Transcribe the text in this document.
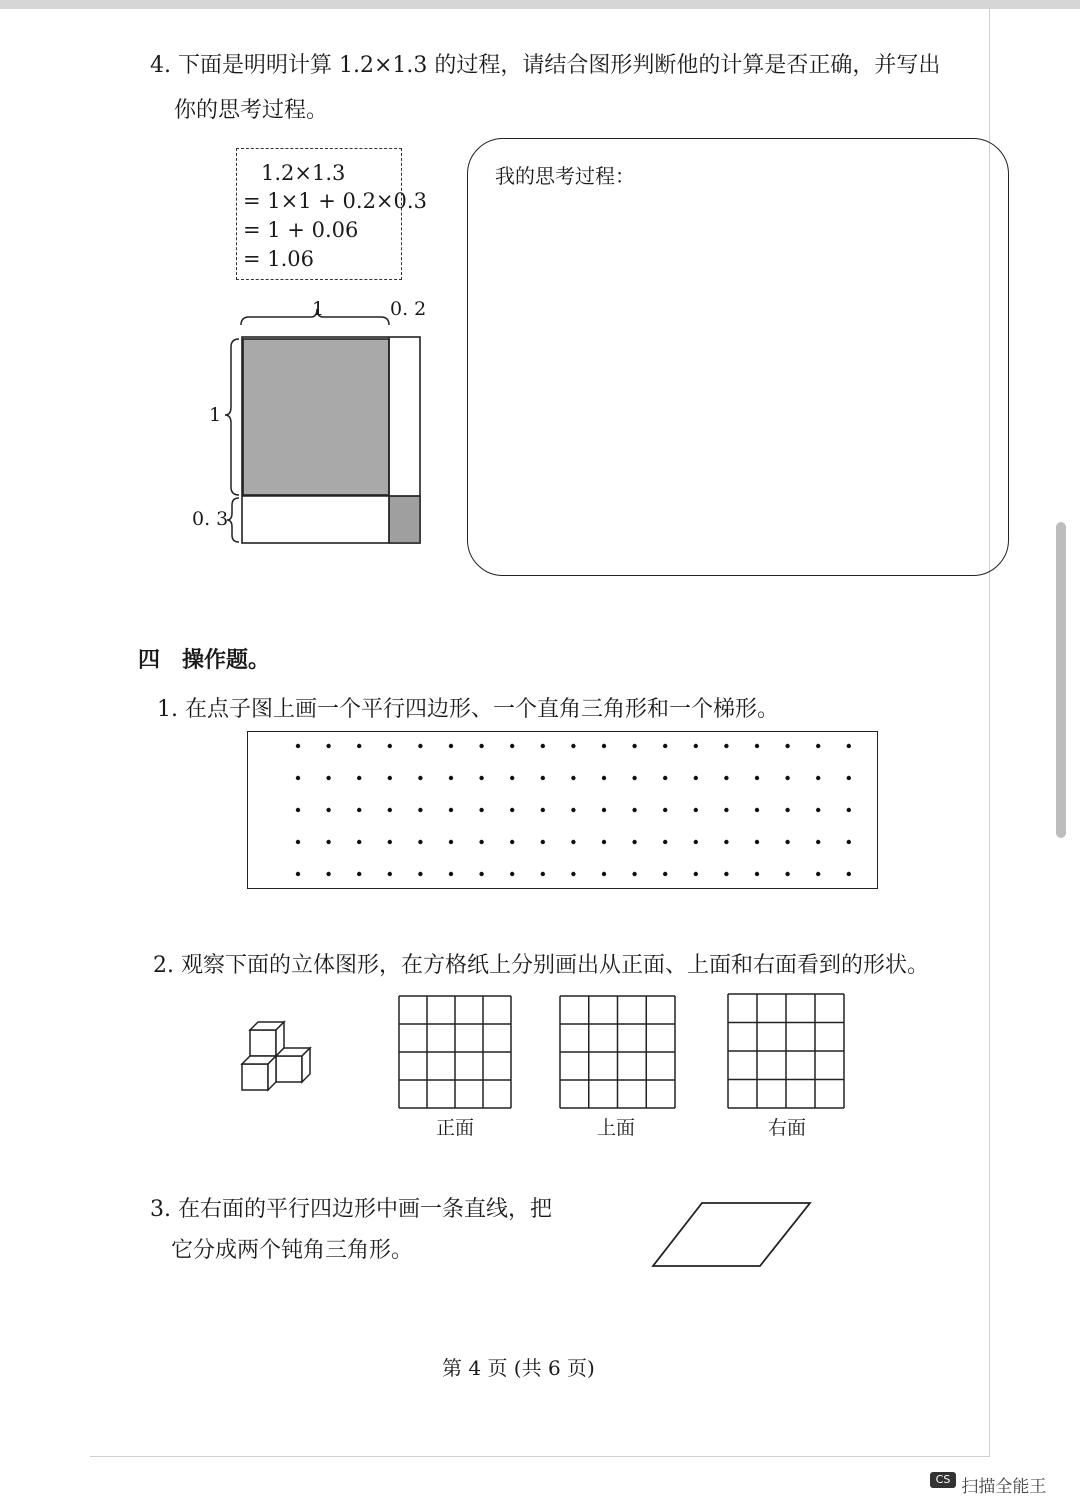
4. 下面是明明计算 1.2×1.3 的过程，请结合图形判断他的计算是否正确，并写出
你的思考过程。
1.2×1.3
= 1×1 + 0.2×0.3
= 1 + 0.06
= 1.06
1	0. 2
1
0. 3
我的思考过程：
四　操作题。
1. 在点子图上画一个平行四边形、一个直角三角形和一个梯形。
2. 观察下面的立体图形，在方格纸上分别画出从正面、上面和右面看到的形状。
正面	上面	右面
3. 在右面的平行四边形中画一条直线，把
它分成两个钝角三角形。
第 4 页 (共 6 页)
CS 扫描全能王
